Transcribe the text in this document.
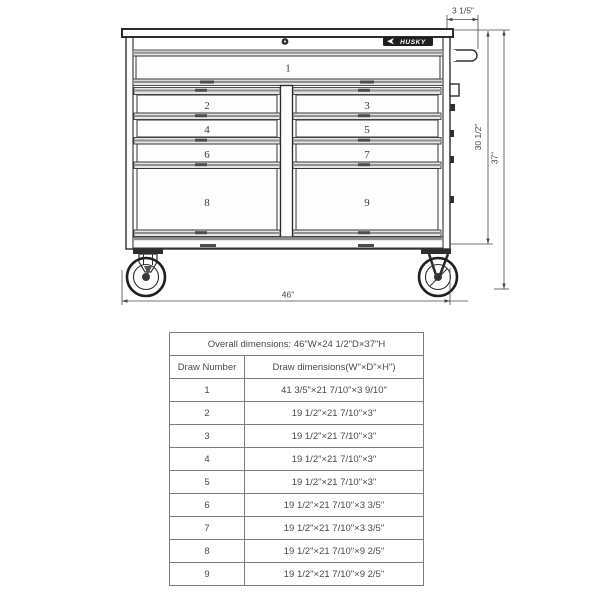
HUSKY
1
2	3
4	5
6	7
8	9
3 1/5"
30 1/2"
37"
46"
Overall dimensions: 46"W×24 1/2"D×37"H	
Draw Number	Draw dimensions(W"×D"×H")
1	41 3/5"×21 7/10"×3 9/10"
2	19 1/2"×21 7/10"×3"
3	19 1/2"×21 7/10"×3"
4	19 1/2"×21 7/10"×3"
5	19 1/2"×21 7/10"×3"
6	19 1/2"×21 7/10"×3 3/5"
7	19 1/2"×21 7/10"×3 3/5"
8	19 1/2"×21 7/10"×9 2/5"
9	19 1/2"×21 7/10"×9 2/5"
